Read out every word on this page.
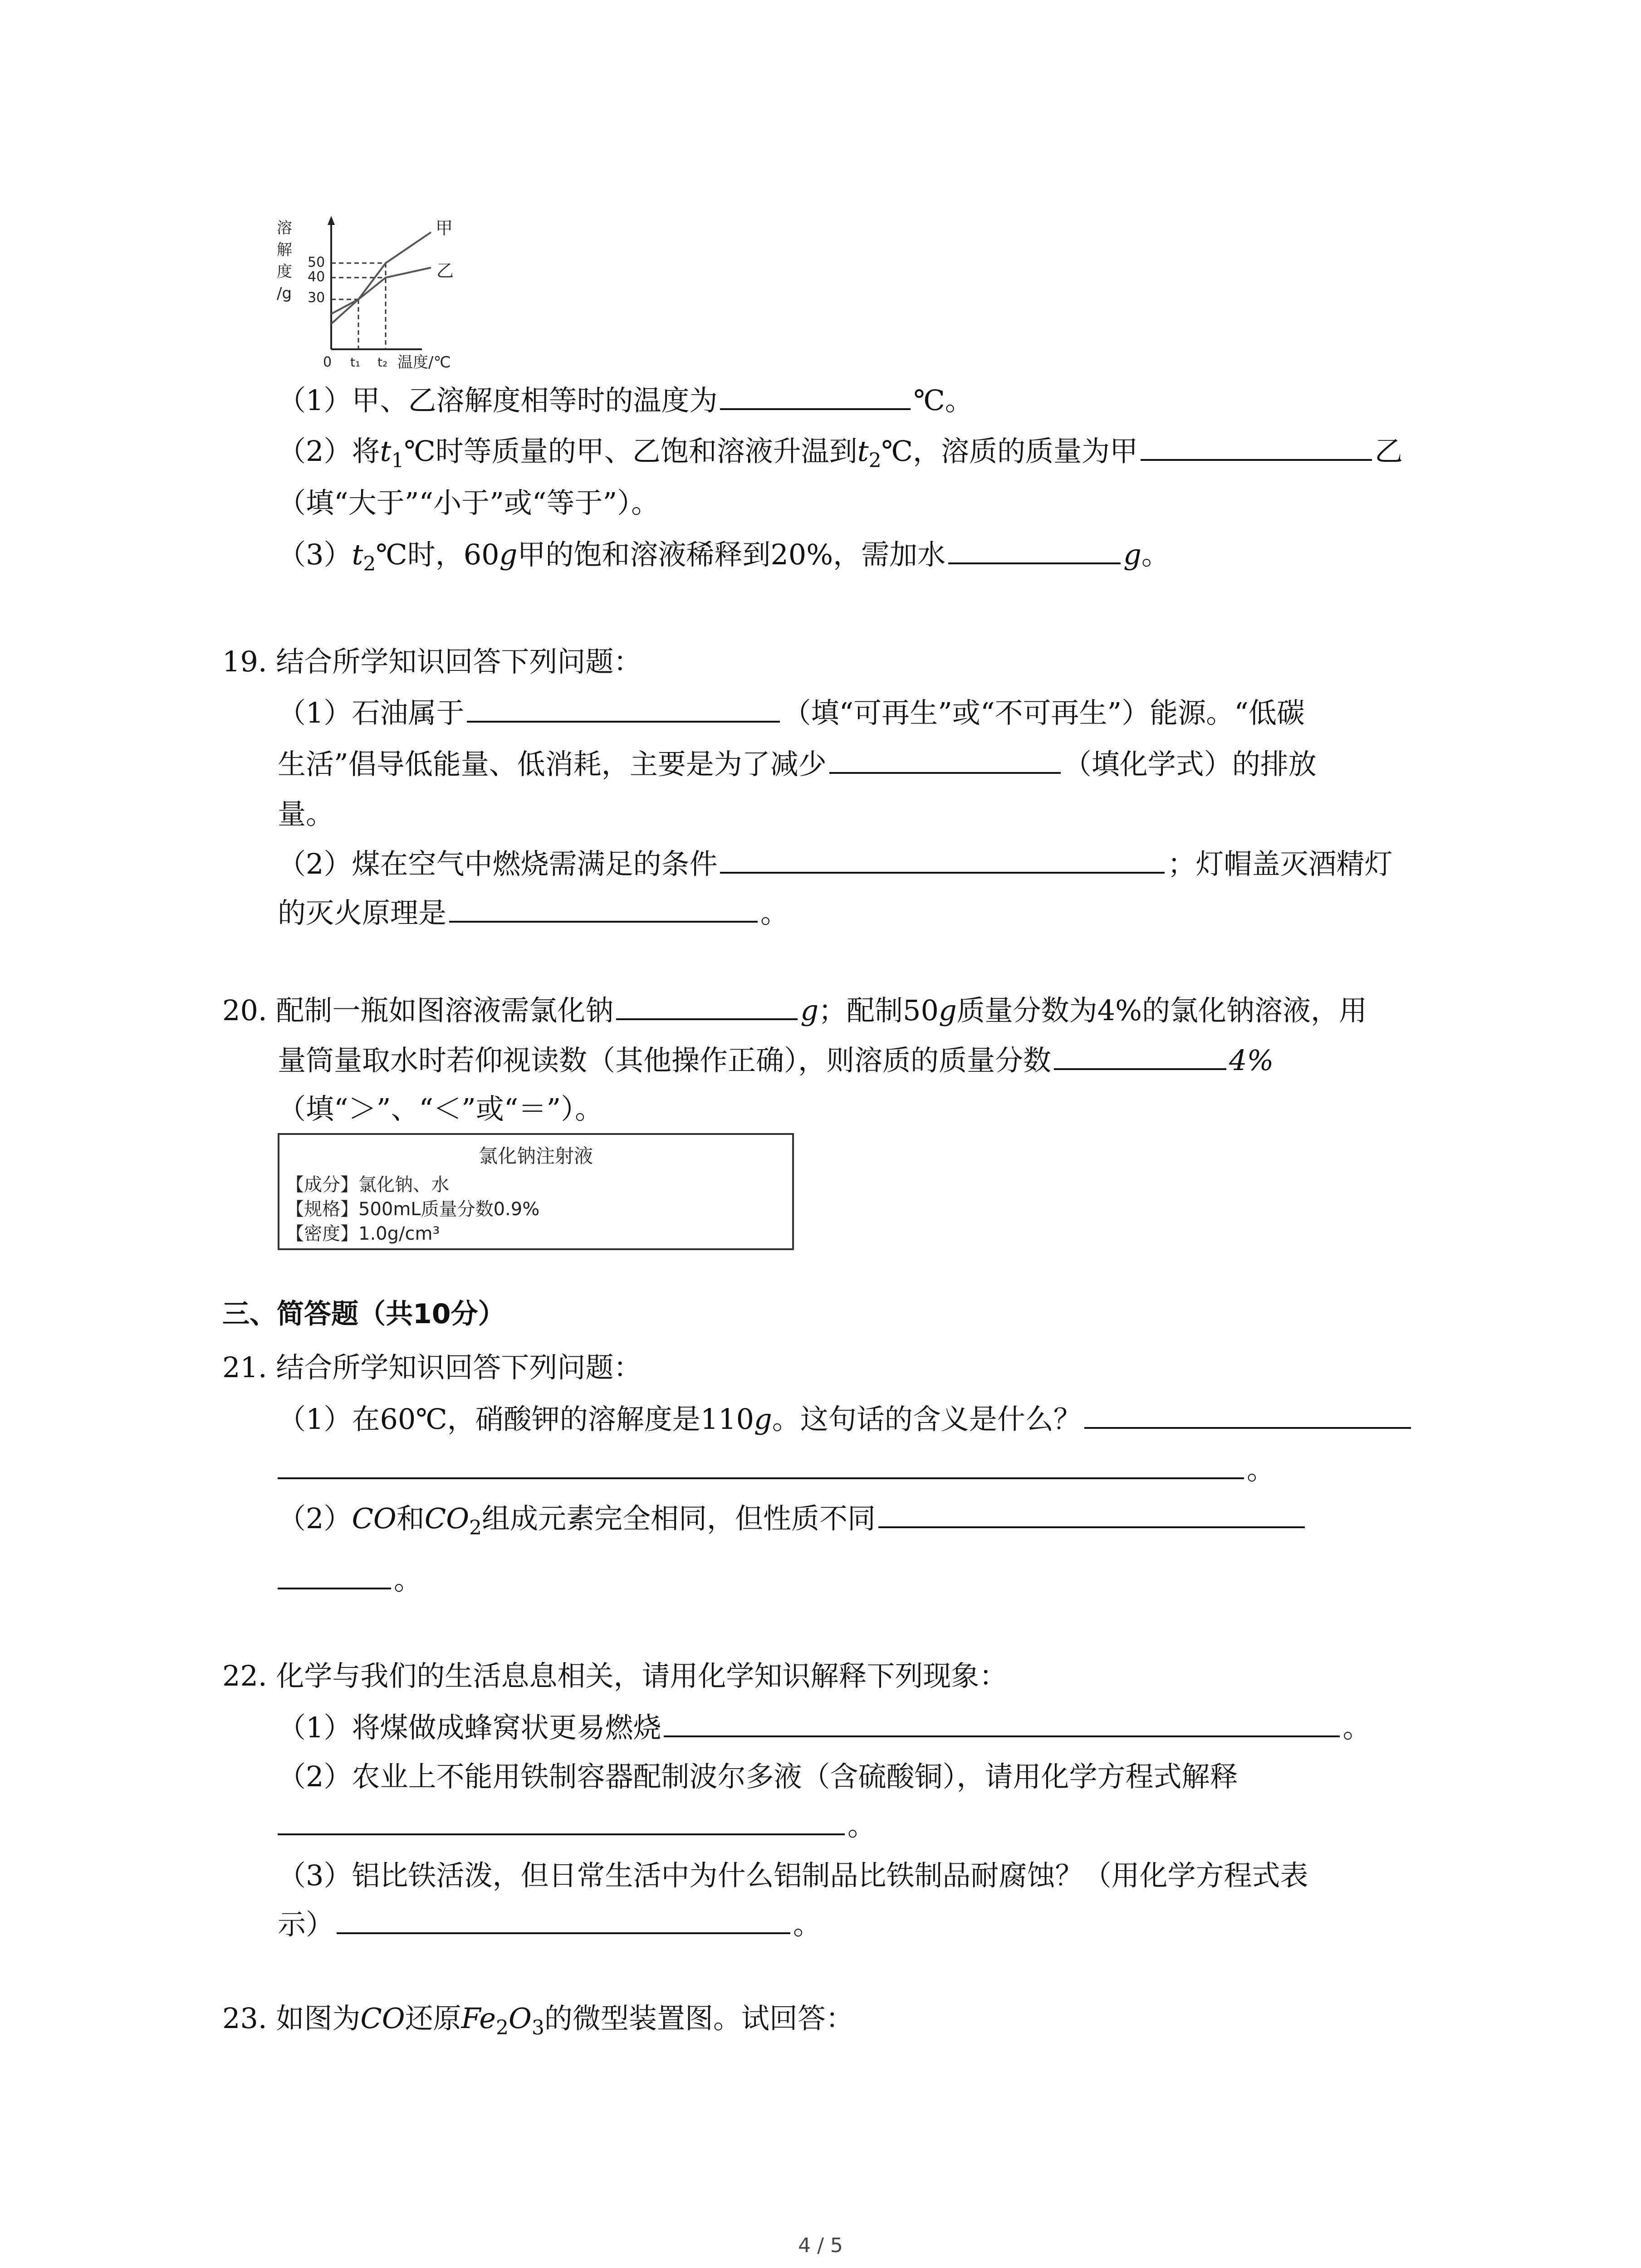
溶
解
度
/g
50
40
30
0 t₁ t₂ 温度/℃
甲
乙
（1）甲、乙溶解度相等时的温度为	℃。
（2）将$t_1℃$时等质量的甲、乙饱和溶液升温到$t_2℃$，溶质的质量为甲	乙
（填“大于”“小于”或“等于”）。
$(3)t_2℃$时，60g甲的饱和溶液稀释到20%，需加水	g。
19. 结合所学知识回答下列问题：
（1）石油属于	（填“可再生”或“不可再生”）能源。“低碳
生活”倡导低能量、低消耗，主要是为了减少	（填化学式）的排放
量。
（2）煤在空气中燃烧需满足的条件	；灯帽盖灭酒精灯
的灭火原理是	。
20. 配制一瓶如图溶液需氯化钠	g；配制50g质量分数为4%的氯化钠溶液，用
量筒量取水时若仰视读数（其他操作正确），则溶质的质量分数	4%
（填“＞”、“＜”或“＝”）。
氯化钠注射液
【成分】氯化钠、水
【规格】500mL质量分数0.9%
【密度】1.0g/cm³
三、简答题（共10分）
21. 结合所学知识回答下列问题：
（1）在60℃，硝酸钾的溶解度是110g。这句话的含义是什么？
。
（2）CO和$CO_2$组成元素完全相同，但性质不同
。
22. 化学与我们的生活息息相关，请用化学知识解释下列现象：
（1）将煤做成蜂窝状更易燃烧	。
（2）农业上不能用铁制容器配制波尔多液（含硫酸铜），请用化学方程式解释
。
（3）铝比铁活泼，但日常生活中为什么铝制品比铁制品耐腐蚀？（用化学方程式表
示）	。
23. 如图为CO还原$Fe_2O_3$的微型装置图。试回答：
4 / 5
